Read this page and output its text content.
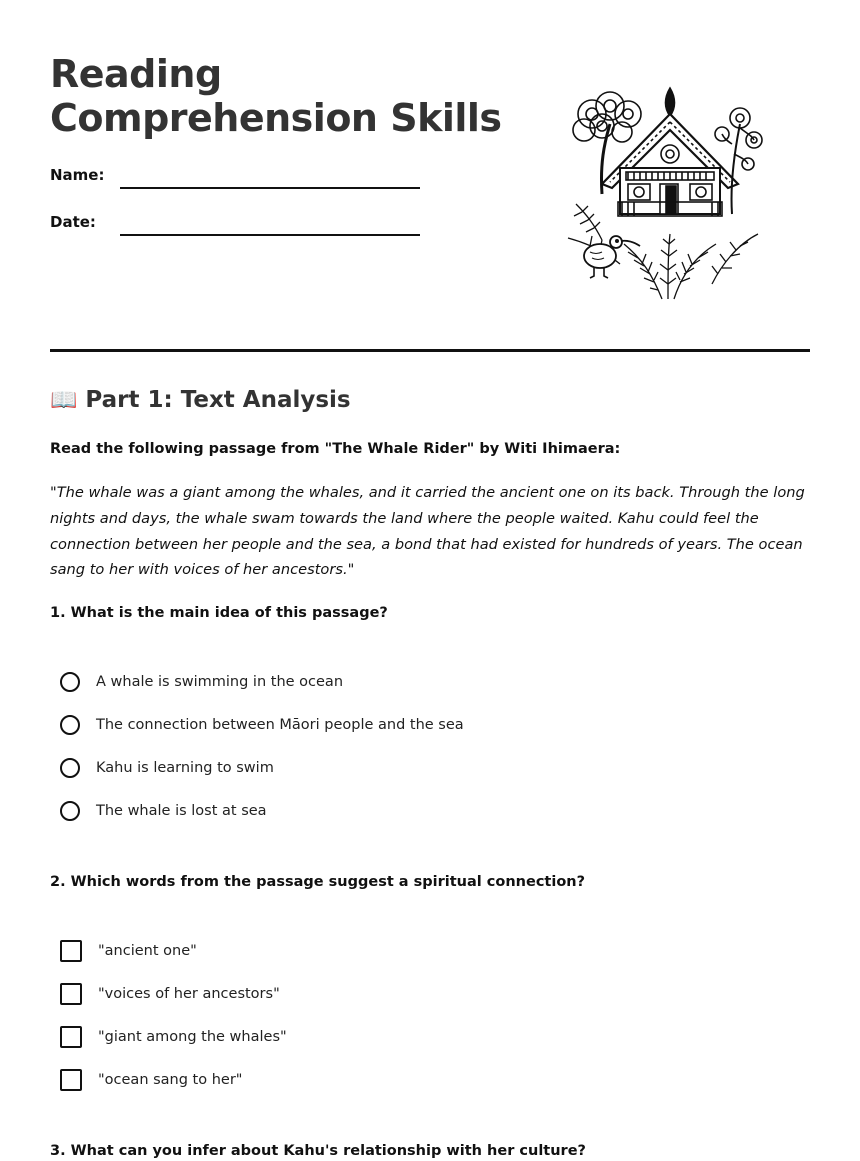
Reading
Comprehension Skills
Name:
Date:
📖 Part 1: Text Analysis

Read the following passage from "The Whale Rider" by Witi Ihimaera:

"The whale was a giant among the whales, and it carried the ancient one on its back. Through the long nights and days, the whale swam towards the land where the people waited. Kahu could feel the connection between her people and the sea, a bond that had existed for hundreds of years. The ocean sang to her with voices of her ancestors."

1. What is the main idea of this passage?

A whale is swimming in the ocean
The connection between Māori people and the sea
Kahu is learning to swim
The whale is lost at sea

2. Which words from the passage suggest a spiritual connection?

"ancient one"
"voices of her ancestors"
"giant among the whales"
"ocean sang to her"

3. What can you infer about Kahu's relationship with her culture?
